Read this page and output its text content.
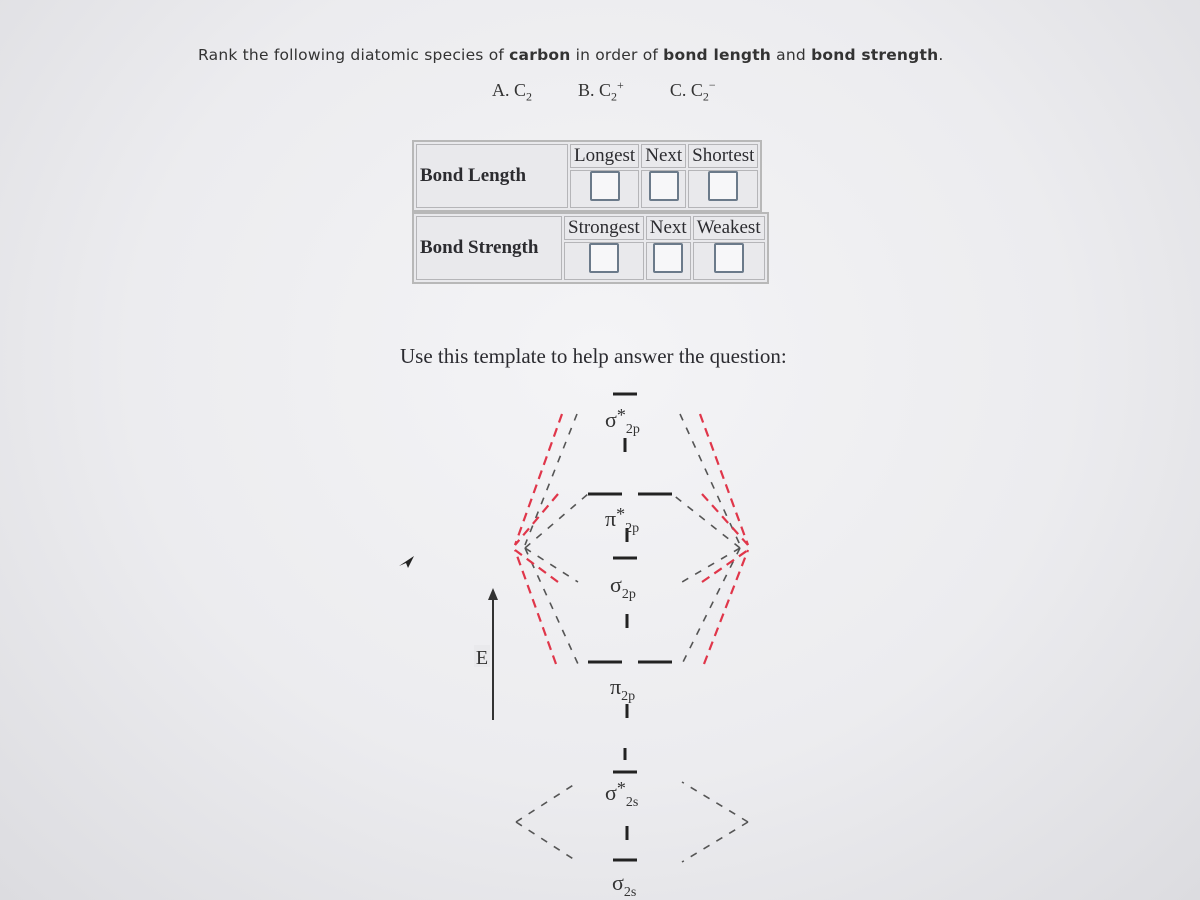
Rank the following diatomic species of carbon in order of bond length and bond strength.
A. $C_2$	B. $C_2^+$	C. $C_2^-$
Bond Length	Longest	Next	Shortest

Bond Strength	Strongest	Next	Weakest

Use this template to help answer the question:
E
$\sigma^*_{2p}$
$\pi^*_{2p}$
$\sigma_{2p}$
$\pi_{2p}$
$\sigma^*_{2s}$
$\sigma_{2s}$
